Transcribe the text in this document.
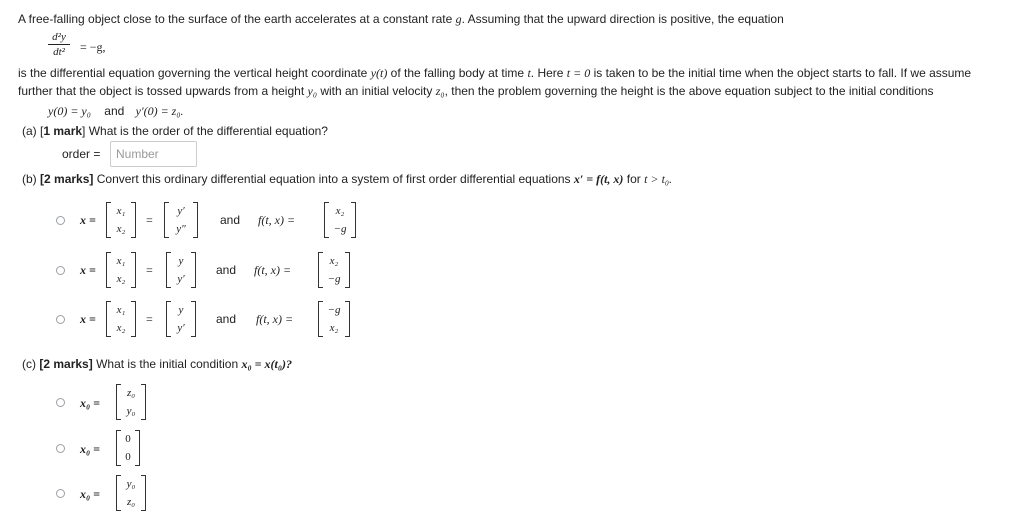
A free-falling object close to the surface of the earth accelerates at a constant rate g. Assuming that the upward direction is positive, the equation
d²y
dt²	= −g,
is the differential equation governing the vertical height coordinate y(t) of the falling body at time t. Here t = 0 is taken to be the initial time when the object starts to fall. If we assume
further that the object is tossed upwards from a height y₀ with an initial velocity z₀, then the problem governing the height is the above equation subject to the initial conditions
y(0) = y₀ and y′(0) = z₀.
(a) [1 mark] What is the order of the differential equation?
order =	Number
(b) [2 marks] Convert this ordinary differential equation into a system of first order differential equations x′ = f(t, x) for t > t₀.
x =
x₁
x₂
=
y′
y″
and f(t, x) =
x₂
−g
x =
x₁
x₂
=
y
y′
and f(t, x) =
x₂
−g
x =
x₁
x₂
=
y
y′
and f(t, x) =
−g
x₂
(c) [2 marks] What is the initial condition x₀ = x(t₀)?
x₀ =
z₀
y₀
x₀ =
0
0
x₀ =
y₀
z₀
